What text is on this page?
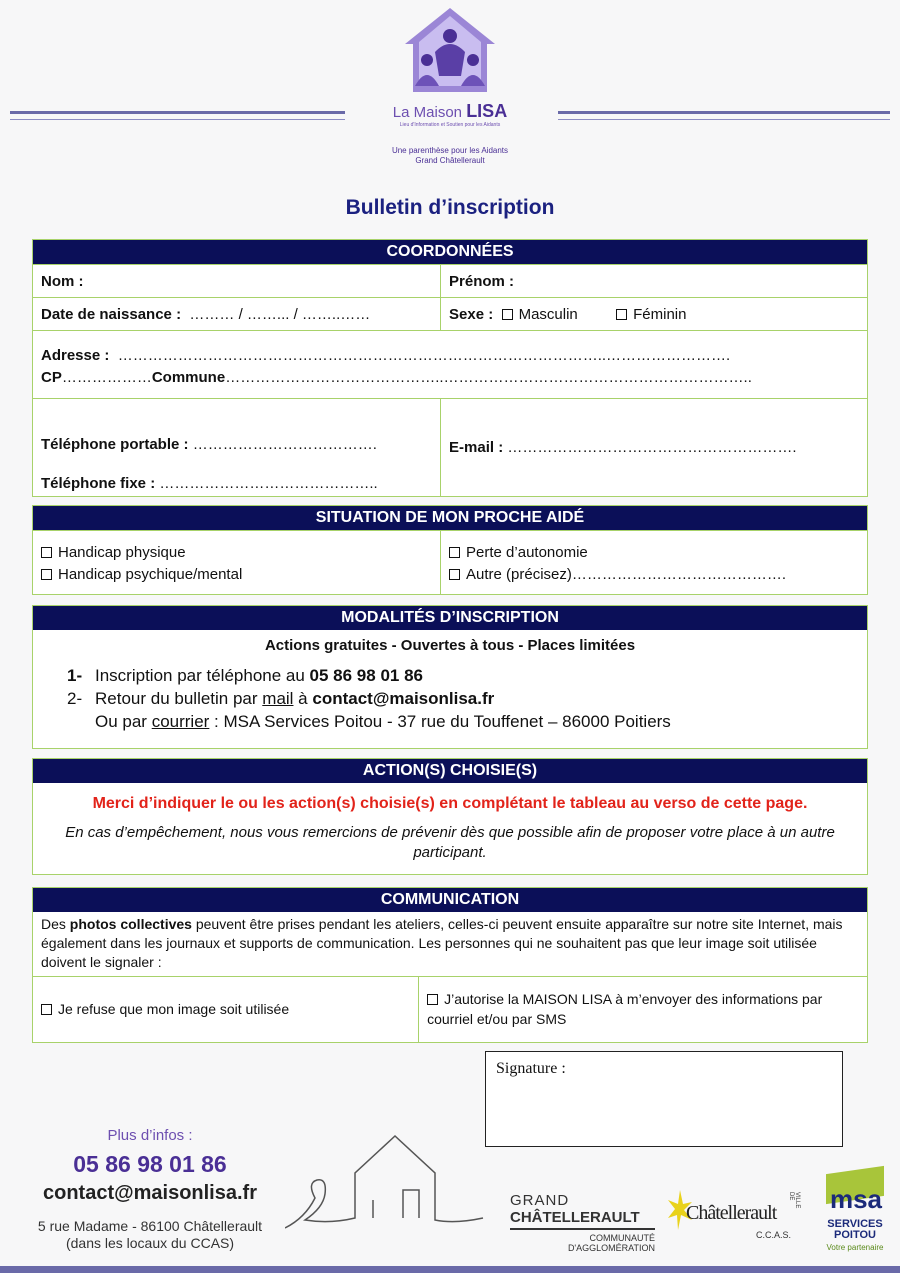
La Maison LISA
Lieu d'Information et Soutien pour les Aidants
Une parenthèse pour les Aidants
Grand Châtellerault
Bulletin d’inscription
COORDONNÉES
Nom :	Prénom :
Date de naissance : ……… / ……... / ……..……	Sexe : Masculin	Féminin
Adresse : ……………………………………………………………………………………..…………………….
CP………………Commune……………………………………..……………………………………………………..
Téléphone portable : ……………………………….
Téléphone fixe : ……………………………………..
E-mail : ………………………………………………….
SITUATION DE MON PROCHE AIDÉ
Handicap physique
Handicap psychique/mental
Perte d’autonomie
Autre (précisez)…………………………………….
MODALITÉS D’INSCRIPTION
Actions gratuites - Ouvertes à tous - Places limitées
1- Inscription par téléphone au 05 86 98 01 86
2- Retour du bulletin par mail à contact@maisonlisa.fr
Ou par courrier : MSA Services Poitou - 37 rue du Touffenet – 86000 Poitiers
ACTION(S) CHOISIE(S)
Merci d’indiquer le ou les action(s) choisie(s) en complétant le tableau au verso de cette page.
En cas d’empêchement, nous vous remercions de prévenir dès que possible afin de proposer votre place à un autre participant.
COMMUNICATION
Des photos collectives peuvent être prises pendant les ateliers, celles-ci peuvent ensuite apparaître sur notre site Internet, mais également dans les journaux et supports de communication. Les personnes qui ne souhaitent pas que leur image soit utilisée doivent le signaler :
Je refuse que mon image soit utilisée
J’autorise la MAISON LISA à m’envoyer des informations par courriel et/ou par SMS
Signature :
Plus d’infos :
05 86 98 01 86
contact@maisonlisa.fr
5 rue Madame - 86100 Châtellerault
(dans les locaux du CCAS)
GRAND
CHÂTELLERAULT
COMMUNAUTÉ
D'AGGLOMÉRATION
VILLE DE
Châtellerault
C.C.A.S.
msa
SERVICES
POITOU
Votre partenaire
